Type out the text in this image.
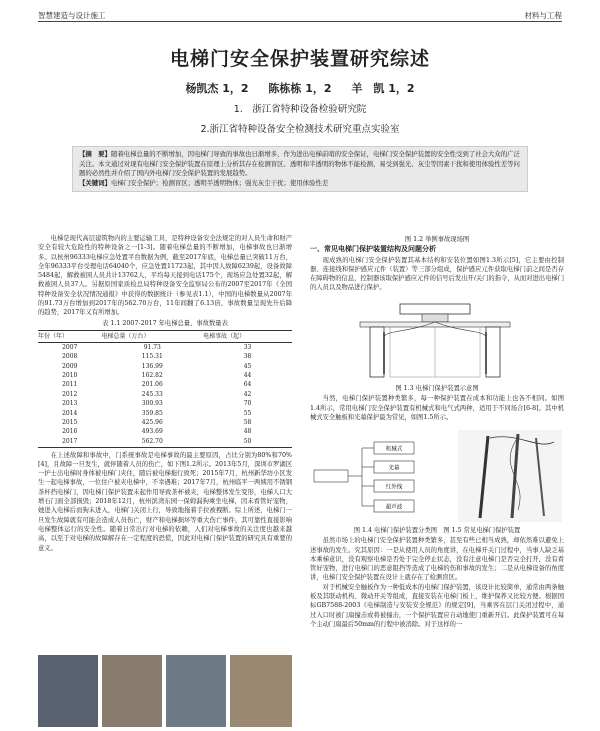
智慧建造与设计施工	材料与工程
电梯门安全保护装置研究综述
杨凯杰 1，2 陈栋栋 1，2 羊　凯 1，2
1.　浙江省特种设备检验研究院
2.浙江省特种设备安全检测技术研究重点实验室
【摘　要】随着电梯总量的不断增加，因电梯门导致的事故也日渐增多，作为进出电梯前哨的安全保证，电梯门安全保护装置的安全性受到了社会大众的广泛关注。本文通过对现有电梯门安全保护装置在原理上分析其存在检测盲区、透明和半透明的物体不能检测、易受到强光、灰尘等因素干扰和使用体验性差等问题的必然性并介绍了国内外电梯门安全保护装置的发展趋势。
【关键词】电梯门安全保护；检测盲区；透明半透明物体；强光灰尘干扰；使用体验性差

电梯是现代高层建筑物内的主要运输工具，是特种设备安全法规定的对人员生命和财产安全有较大危险性的特种设备之一[1-3]。随着电梯总量的不断增加，电梯事故也日渐增多。以杭州96333电梯应急处置平台数据为例，截至2017年底，电梯总量已突破11万台，全年96333平台受理电话64040个，应急处置11723起，其中因人故障6239起，设备故障5484起，解救被困人员共计13762人，平均每天接到电话175个，现场应急处置32起，解救被困人员37人。另据原国家质检总局特种设备安全监察局公布的2007至2017年《全国特种设备安全状况情况通报》中获得的数据统计（参见表1.1），中国的电梯数量从2007年的91.73万台增加到2017年的562.70万台，11年间翻了6.13倍，事故数量呈现先升后降的趋势，2017年又有所增加。

表 1.1 2007-2017 年电梯总量、事故数量表
年份（年）	电梯总量（万台）	电梯事故（起）
2007	91.73	33
2008	115.31	38
2009	136.99	45
2010	162.82	44
2011	201.06	64
2012	245.33	42
2013	300.93	70
2014	359.85	55
2015	425.96	58
2016	493.69	48
2017	562.70	50

在上述故障和事故中，门系统事故是电梯事故的最主要原因，占比分别为80%和70%[4]，且故障一旦发生，就伴随着人员的伤亡，如下图1.2所示。2013年5月，深圳市罗湖区一护士出电梯时身体被电梯门夹住，随后被电梯拖行致死；2015年7月，杭州新华坊小区发生一起电梯事故，一位住户被夹电梯中，不幸遇难；2017年7月，杭州临平一两姨用不锈钢茶杯挡电梯门，因电梯门保护装置未起作用导致茶杯被夹，电梯整体发生变形，电梯人口大增石门面全部损毁；2018年12月，杭州滨湾东园一保姆漏狗乘坐电梯，因未看管好宠物，她进入电梯后而狗未进入，电梯门关闭上行，导致地拖着手拉被拽断。综上所述，电梯门一旦发生故障就有可能会造成人员伤亡，财产和电梯损坏等重大伤亡事件，其可靠性直接影响电梯整体运行的安全性。随着日常出行对电梯的依赖，人们对电梯事故的关注度也越来越高，以至于对电梯的故障解存在一定程度的恐慌，因此对电梯门保护装置的研究具有重要的意义。

图 1.2 举例事故现场图
一、常见电梯门保护装置结构及问题分析

现成熟的电梯门安全保护装置其基本结构和安装位置如图1.3所示[5]，它主要由控制器、连接线和保护感应元件（装置）等三部分组成，保护感应元件获取电梯门前之间是否存在障碍物的信息，控制器该取保护感应元件的信号后发出开/关门的指令，从而对进出电梯门的人员以及物品进行保护。

图 1.3 电梯门保护装置示意图

当然，电梯门保护装置种类繁多，每一种保护装置在成本和功能上也各不相同。如图1.4所示，常用电梯门安全保护装置有机械式和电气式两种，适用于不同场合[6-8]。其中机械式安全触板和光幕保护最为常见，如图1.5所示。

机械式
光幕
红外线
超声波
图 1.4 电梯门保护装置分类图　 图 1.5 常见电梯门保护装置

虽然市场上的电梯门安全保护装置种类繁多，甚至有些已相当成熟，却依然难以避免上述事故的发生。究其原因：一是从使用人员的角度讲，在电梯开关门过程中，当事人缺乏基本乘梯意识，没有观察电梯是否处于完全停止状态，没有注意电梯门是否完全打开，没有看管好宠物，进行电梯门的恶意阻挡等造成了电梯的伤和事故的发生；二是从电梯设备的角度讲，电梯门安全保护装置在设计上就存在了检测盲区。

对于机械安全触板作为一种低成本的电梯门保护装置，该设计比较简单，通常由两条触板及其联动机构、微动开关等组成，直接安装在电梯门板上，维护保养又比较方便。根据国标GB7588-2003《电梯制造与安装安全规范》的规定[9]，当乘客在层门关闭过程中，通过入口时被门扇撞击或将被撞击，一个保护装置应自动地使门重新开启。此保护装置可在每个主动门扇最后50mm的行程中被消除。对于这样的一
